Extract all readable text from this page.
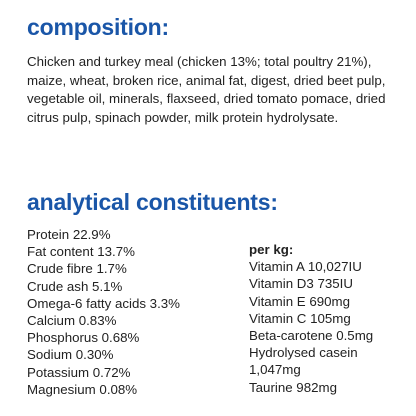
composition:

Chicken and turkey meal (chicken 13%; total poultry 21%), maize, wheat, broken rice, animal fat, digest, dried beet pulp, vegetable oil, minerals, flaxseed, dried tomato pomace, dried citrus pulp, spinach powder, milk protein hydrolysate.

analytical constituents:
Protein 22.9%
Fat content 13.7%
Crude fibre 1.7%
Crude ash 5.1%
Omega-6 fatty acids 3.3%
Calcium 0.83%
Phosphorus 0.68%
Sodium 0.30%
Potassium 0.72%
Magnesium 0.08%
per kg:
Vitamin A 10,027IU
Vitamin D3 735IU
Vitamin E 690mg
Vitamin C 105mg
Beta-carotene 0.5mg
Hydrolysed casein
1,047mg
Taurine 982mg
